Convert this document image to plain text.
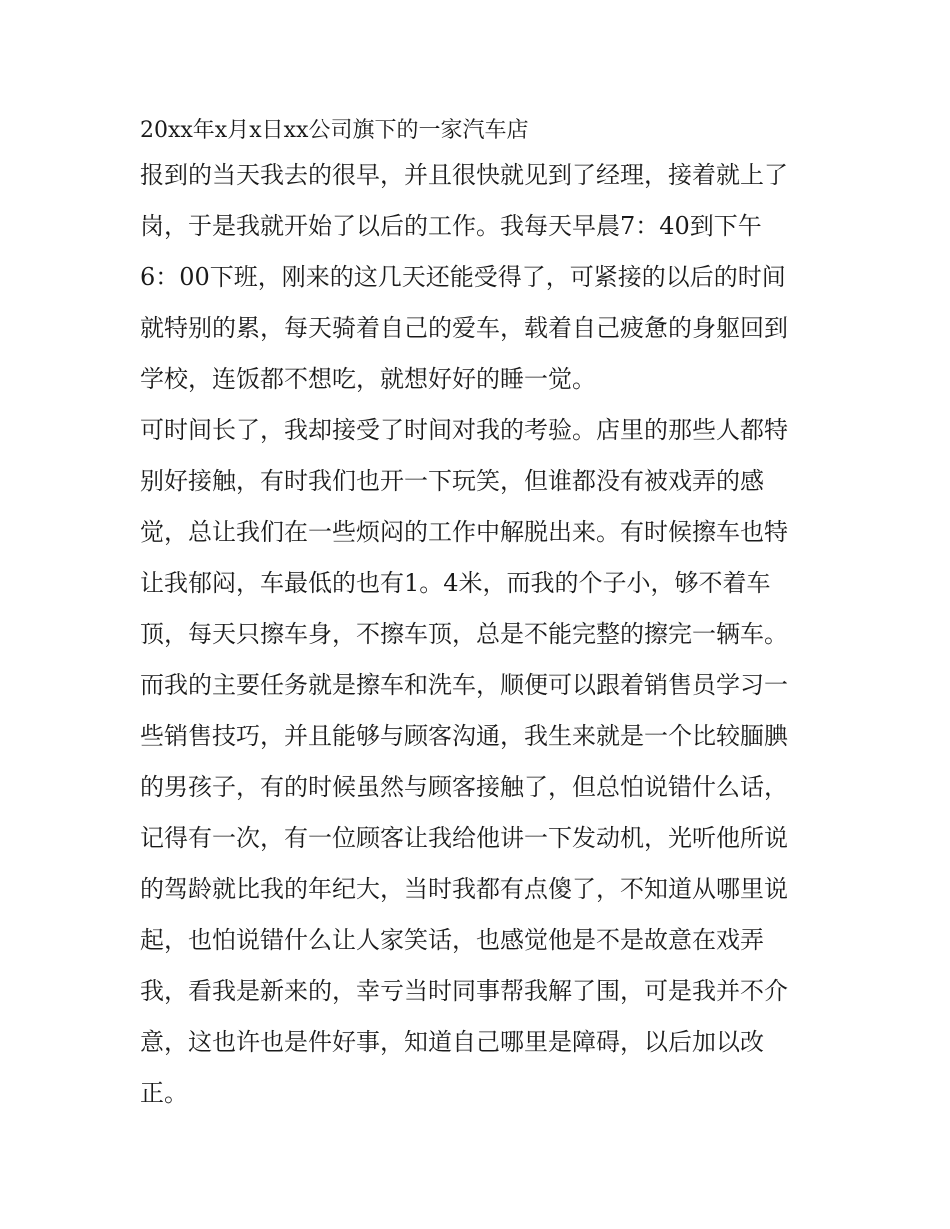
20xx年x月x日xx公司旗下的一家汽车店
报到的当天我去的很早，并且很快就见到了经理，接着就上了
岗，于是我就开始了以后的工作。我每天早晨7：40到下午
6：00下班，刚来的这几天还能受得了，可紧接的以后的时间
就特别的累，每天骑着自己的爱车，载着自己疲惫的身躯回到
学校，连饭都不想吃，就想好好的睡一觉。
可时间长了，我却接受了时间对我的考验。店里的那些人都特
别好接触，有时我们也开一下玩笑，但谁都没有被戏弄的感
觉，总让我们在一些烦闷的工作中解脱出来。有时候擦车也特
让我郁闷，车最低的也有1。4米，而我的个子小，够不着车
顶，每天只擦车身，不擦车顶，总是不能完整的擦完一辆车。
而我的主要任务就是擦车和洗车，顺便可以跟着销售员学习一
些销售技巧，并且能够与顾客沟通，我生来就是一个比较腼腆
的男孩子，有的时候虽然与顾客接触了，但总怕说错什么话，
记得有一次，有一位顾客让我给他讲一下发动机，光听他所说
的驾龄就比我的年纪大，当时我都有点傻了，不知道从哪里说
起，也怕说错什么让人家笑话，也感觉他是不是故意在戏弄
我，看我是新来的，幸亏当时同事帮我解了围，可是我并不介
意，这也许也是件好事，知道自己哪里是障碍，以后加以改
正。
